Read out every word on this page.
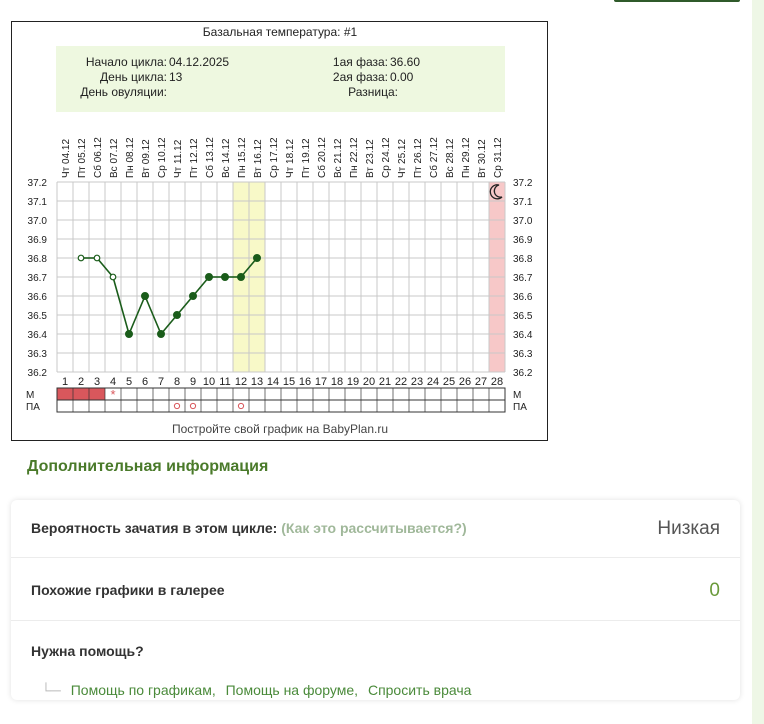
Базальная температура: #1
Начало цикла: 04.12.2025
День цикла: 13
День овуляции:
1ая фаза: 36.60
2ая фаза: 0.00
Разница:
Чт 04.12 Пт 05.12 Сб 06.12 Вс 07.12 Пн 08.12 Вт 09.12 Ср 10.12 Чт 11.12 Пт 12.12 Сб 13.12 Вс 14.12 Пн 15.12 Вт 16.12 Ср 17.12 Чт 18.12 Пт 19.12 Сб 20.12 Вс 21.12 Пн 22.12 Вт 23.12 Ср 24.12 Чт 25.12 Пт 26.12 Сб 27.12 Вс 28.12 Пн 29.12 Вт 30.12 Ср 31.12
37.2	37.2
37.1	37.1
37.0	37.0
36.9	36.9
36.8	36.8
36.7	36.7
36.6	36.6
36.5	36.5
36.4	36.4
36.3	36.3
36.2	36.2
1 2 3 4 5 6 7 8 9 10 11 12 13 14 15 16 17 18 19 20 21 22 23 24 25 26 27 28
М
ПА
М
ПА
*
Постройте свой график на BabyPlan.ru
Дополнительная информация
Вероятность зачатия в этом цикле: (Как это рассчитывается?)	Низкая
Похожие графики в галерее	0
Нужна помощь?
└─ Помощь по графикам, Помощь на форуме, Спросить врача
